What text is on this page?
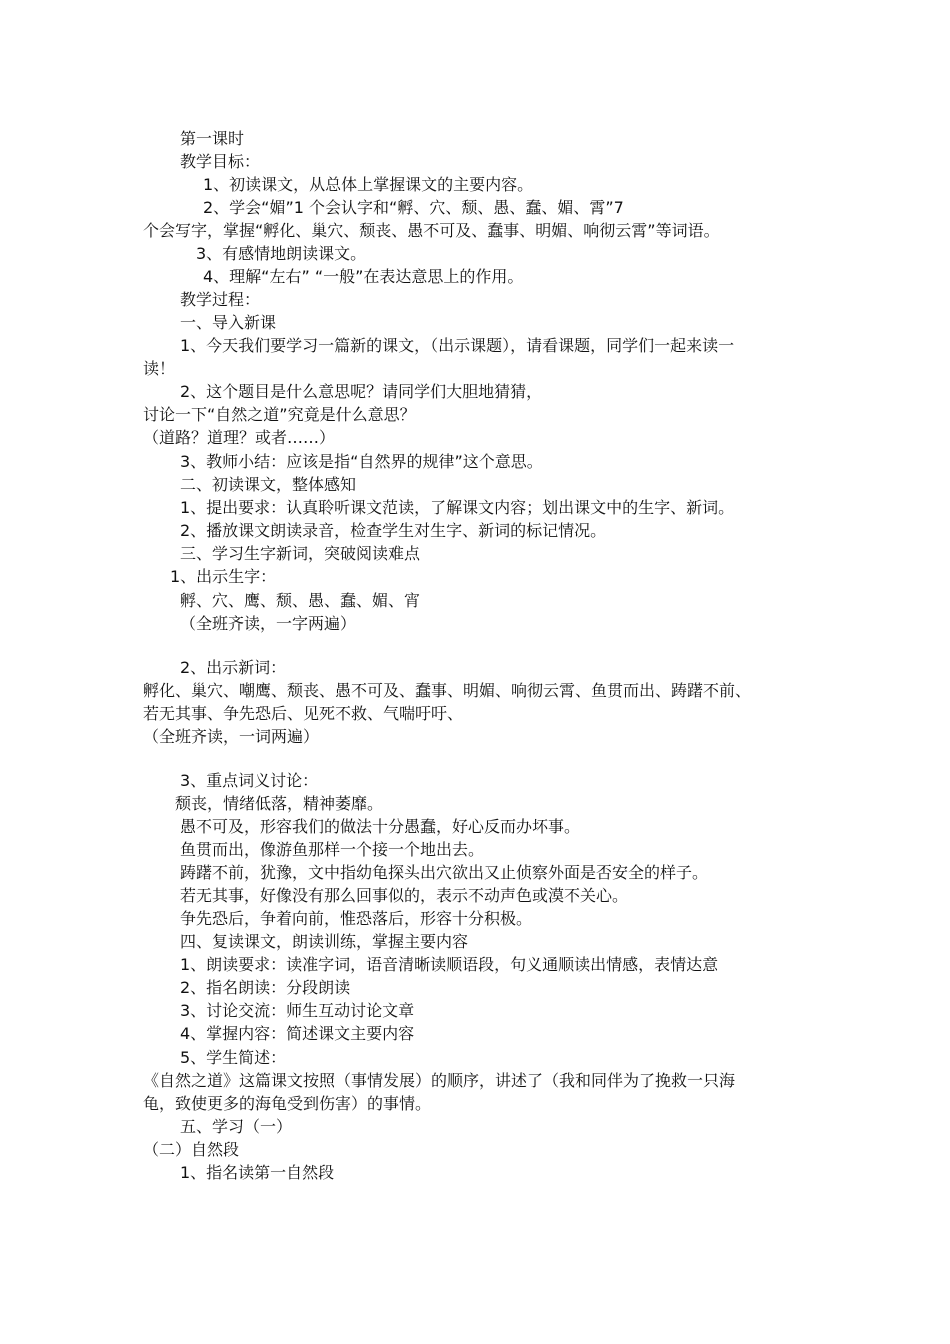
第一课时
教学目标：
1、初读课文，从总体上掌握课文的主要内容。
2、学会“媚”1 个会认字和“孵、穴、颓、愚、蠢、媚、霄”7
个会写字，掌握“孵化、巢穴、颓丧、愚不可及、蠢事、明媚、响彻云霄”等词语。
3、有感情地朗读课文。
4、理解“左右” “一般”在表达意思上的作用。
教学过程：
一、导入新课
1、今天我们要学习一篇新的课文，（出示课题），请看课题，同学们一起来读一
读！
2、这个题目是什么意思呢？请同学们大胆地猜猜，
讨论一下“自然之道”究竟是什么意思？
（道路？道理？或者……）
3、教师小结：应该是指“自然界的规律”这个意思。
二、初读课文，整体感知
1、提出要求：认真聆听课文范读，了解课文内容；划出课文中的生字、新词。
2、播放课文朗读录音，检查学生对生字、新词的标记情况。
三、学习生字新词，突破阅读难点
1、出示生字：
孵、穴、鹰、颓、愚、蠢、媚、宵
（全班齐读，一字两遍）
2、出示新词：
孵化、巢穴、嘲鹰、颓丧、愚不可及、蠢事、明媚、响彻云霄、鱼贯而出、踌躇不前、
若无其事、争先恐后、见死不救、气喘吁吁、
（全班齐读，一词两遍）
3、重点词义讨论：
颓丧，情绪低落，精神萎靡。
愚不可及，形容我们的做法十分愚蠢，好心反而办坏事。
鱼贯而出，像游鱼那样一个接一个地出去。
踌躇不前，犹豫，文中指幼龟探头出穴欲出又止侦察外面是否安全的样子。
若无其事，好像没有那么回事似的，表示不动声色或漠不关心。
争先恐后，争着向前，惟恐落后，形容十分积极。
四、复读课文，朗读训练，掌握主要内容
1、朗读要求：读准字词，语音清晰读顺语段，句义通顺读出情感，表情达意
2、指名朗读：分段朗读
3、讨论交流：师生互动讨论文章
4、掌握内容：简述课文主要内容
5、学生简述：
《自然之道》这篇课文按照（事情发展）的顺序，讲述了（我和同伴为了挽救一只海
龟，致使更多的海龟受到伤害）的事情。
五、学习（一）
（二）自然段
1、指名读第一自然段
